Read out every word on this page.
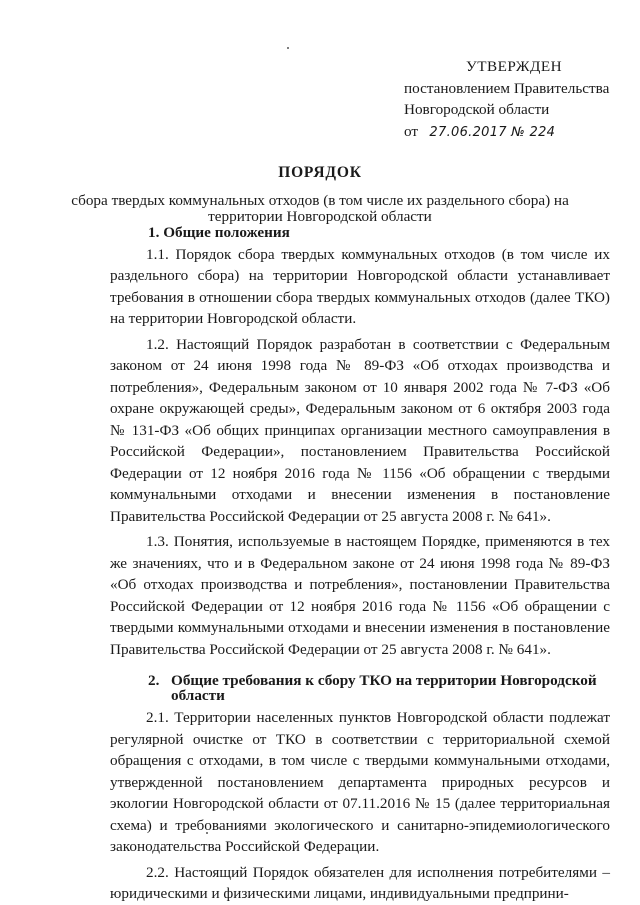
УТВЕРЖДЕН
постановлением Правительства
Новгородской области
от 27.06.2017 № 224
ПОРЯДОК
сбора твердых коммунальных отходов (в том числе их раздельного сбора) на территории Новгородской области
1. Общие положения

1.1. Порядок сбора твердых коммунальных отходов (в том числе их раздельного сбора) на территории Новгородской области устанавливает требования в отношении сбора твердых коммунальных отходов (далее ТКО) на территории Новгородской области.

1.2. Настоящий Порядок разработан в соответствии с Федеральным законом от 24 июня 1998 года № 89-ФЗ «Об отходах производства и потребления», Федеральным законом от 10 января 2002 года № 7-ФЗ «Об охране окружающей среды», Федеральным законом от 6 октября 2003 года № 131-ФЗ «Об общих принципах организации местного самоуправления в Российской Федерации», постановлением Правительства Российской Федерации от 12 ноября 2016 года № 1156 «Об обращении с твердыми коммунальными отходами и внесении изменения в постановление Правительства Российской Федерации от 25 августа 2008 г. № 641».

1.3. Понятия, используемые в настоящем Порядке, применяются в тех же значениях, что и в Федеральном законе от 24 июня 1998 года № 89-ФЗ «Об отходах производства и потребления», постановлении Правительства Российской Федерации от 12 ноября 2016 года № 1156 «Об обращении с твердыми коммунальными отходами и внесении изменения в постановление Правительства Российской Федерации от 25 августа 2008 г. № 641».

2. Общие требования к сбору ТКО на территории Новгородской области

2.1. Территории населенных пунктов Новгородской области подлежат регулярной очистке от ТКО в соответствии с территориальной схемой обращения с отходами, в том числе с твердыми коммунальными отходами, утвержденной постановлением департамента природных ресурсов и экологии Новгородской области от 07.11.2016 № 15 (далее территориальная схема) и требованиями экологического и санитарно-эпидемиологического законодательства Российской Федерации.

2.2. Настоящий Порядок обязателен для исполнения потребителями – юридическими и физическими лицами, индивидуальными предприни-
